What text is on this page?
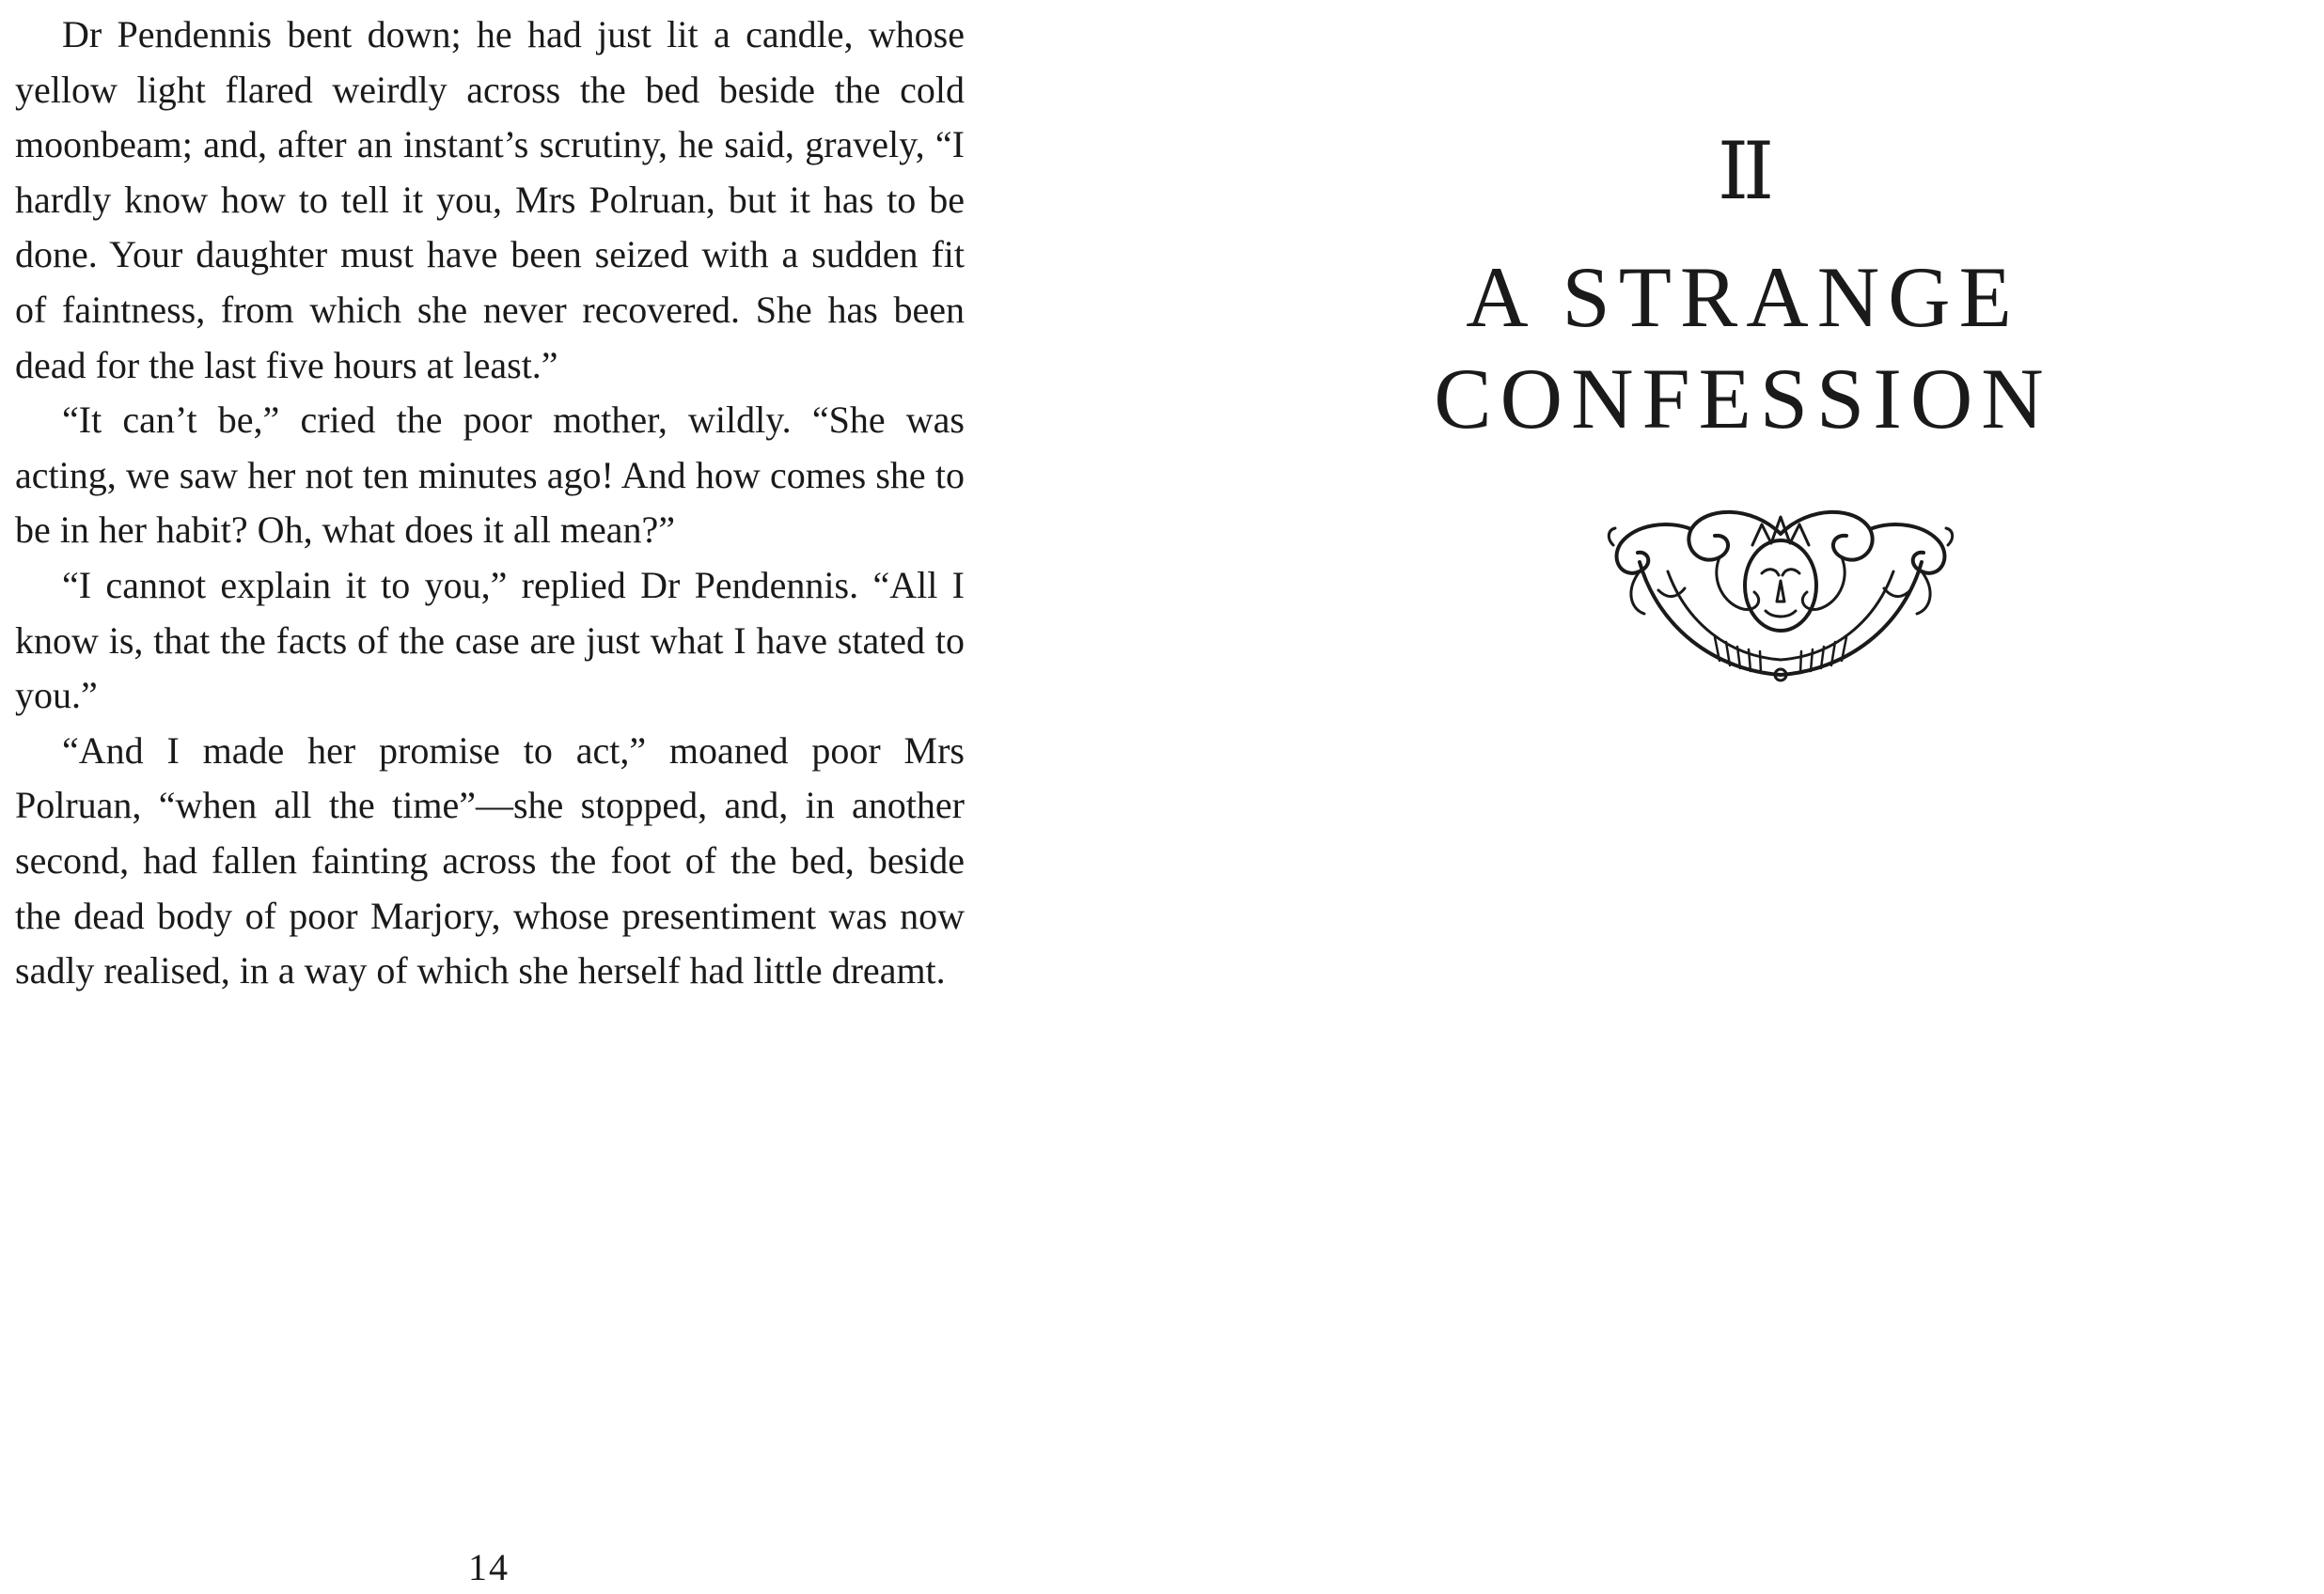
Dr Pendennis bent down; he had just lit a candle, whose yellow light flared weirdly across the bed beside the cold moonbeam; and, after an instant’s scrutiny, he said, gravely, “I hardly know how to tell it you, Mrs Polruan, but it has to be done. Your daughter must have been seized with a sudden fit of faintness, from which she never recovered. She has been dead for the last five hours at least.”

“It can’t be,” cried the poor mother, wildly. “She was acting, we saw her not ten minutes ago! And how comes she to be in her habit? Oh, what does it all mean?”

“I cannot explain it to you,” replied Dr Pendennis. “All I know is, that the facts of the case are just what I have stated to you.”

“And I made her promise to act,” moaned poor Mrs Polruan, “when all the time”—she stopped, and, in another second, had fallen fainting across the foot of the bed, beside the dead body of poor Marjory, whose presentiment was now sadly realised, in a way of which she herself had little dreamt.

14
II
A STRANGE
CONFESSION
